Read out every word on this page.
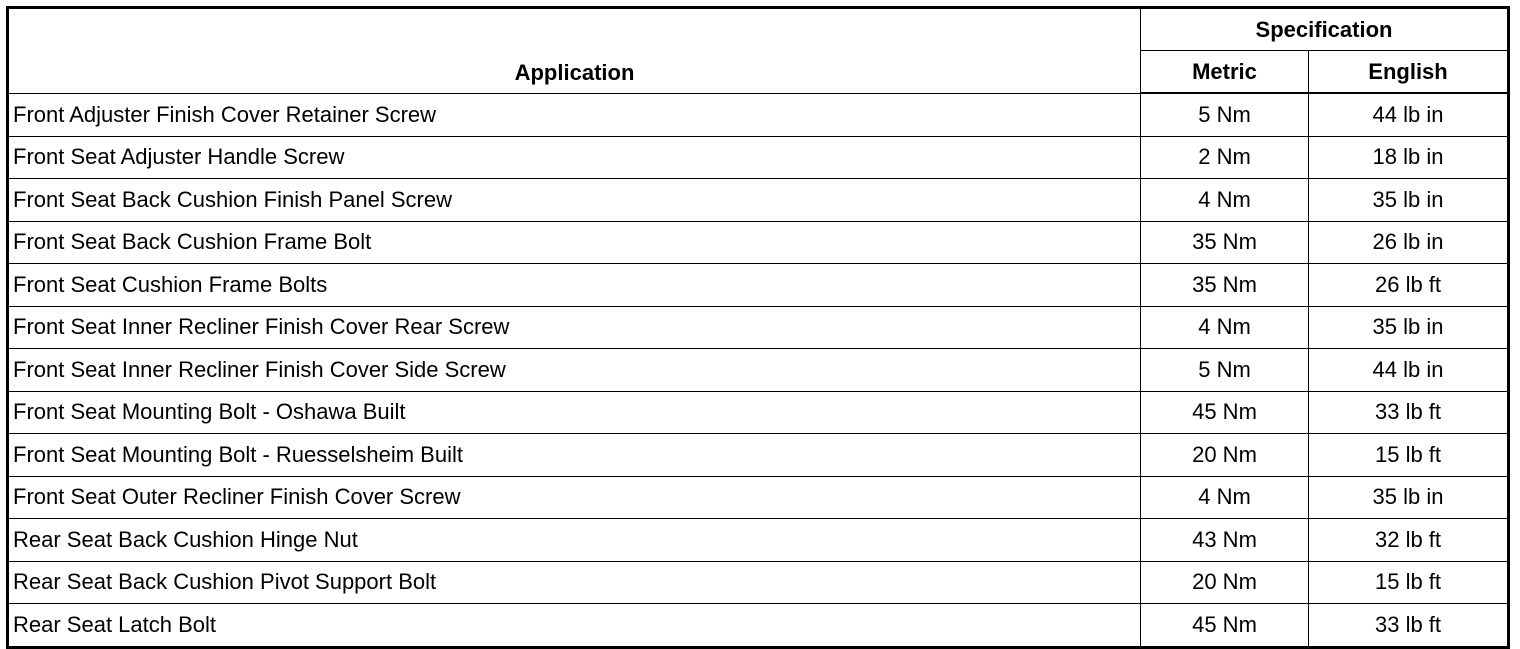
Application	Specification	
	Metric	English
Front Adjuster Finish Cover Retainer Screw	5 Nm	44 lb in
Front Seat Adjuster Handle Screw	2 Nm	18 lb in
Front Seat Back Cushion Finish Panel Screw	4 Nm	35 lb in
Front Seat Back Cushion Frame Bolt	35 Nm	26 lb in
Front Seat Cushion Frame Bolts	35 Nm	26 lb ft
Front Seat Inner Recliner Finish Cover Rear Screw	4 Nm	35 lb in
Front Seat Inner Recliner Finish Cover Side Screw	5 Nm	44 lb in
Front Seat Mounting Bolt - Oshawa Built	45 Nm	33 lb ft
Front Seat Mounting Bolt - Ruesselsheim Built	20 Nm	15 lb ft
Front Seat Outer Recliner Finish Cover Screw	4 Nm	35 lb in
Rear Seat Back Cushion Hinge Nut	43 Nm	32 lb ft
Rear Seat Back Cushion Pivot Support Bolt	20 Nm	15 lb ft
Rear Seat Latch Bolt	45 Nm	33 lb ft
